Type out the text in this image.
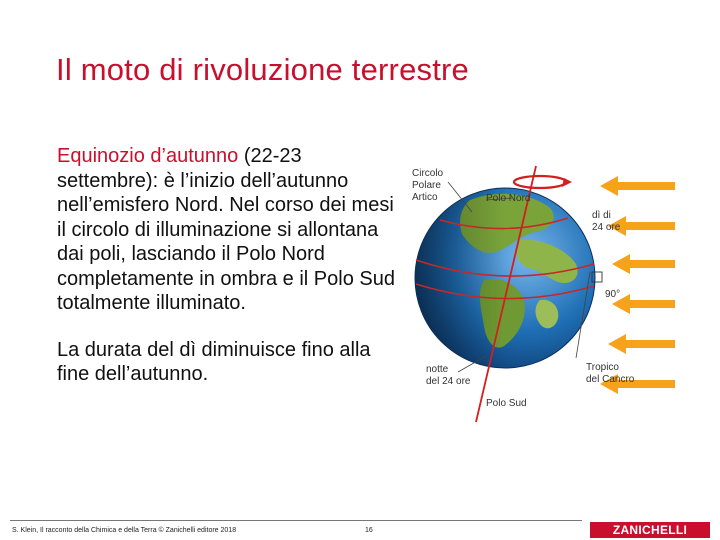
Il moto di rivoluzione terrestre

Equinozio d’autunno (22-23 settembre): è l’inizio dell’autunno nell’emisfero Nord. Nel corso dei mesi il circolo di illuminazione si allontana dai poli, lasciando il Polo Nord completamente in ombra e il Polo Sud totalmente illuminato.

La durata del dì diminuisce fino alla fine dell’autunno.

Circolo
Polare
Artico	Polo Nord
dì di
24 ore
90°
notte
del 24 ore
Polo Sud
Tropico
del Cancro
S. Klein, Il racconto della Chimica e della Terra © Zanichelli editore 2018	16	ZANICHELLI
